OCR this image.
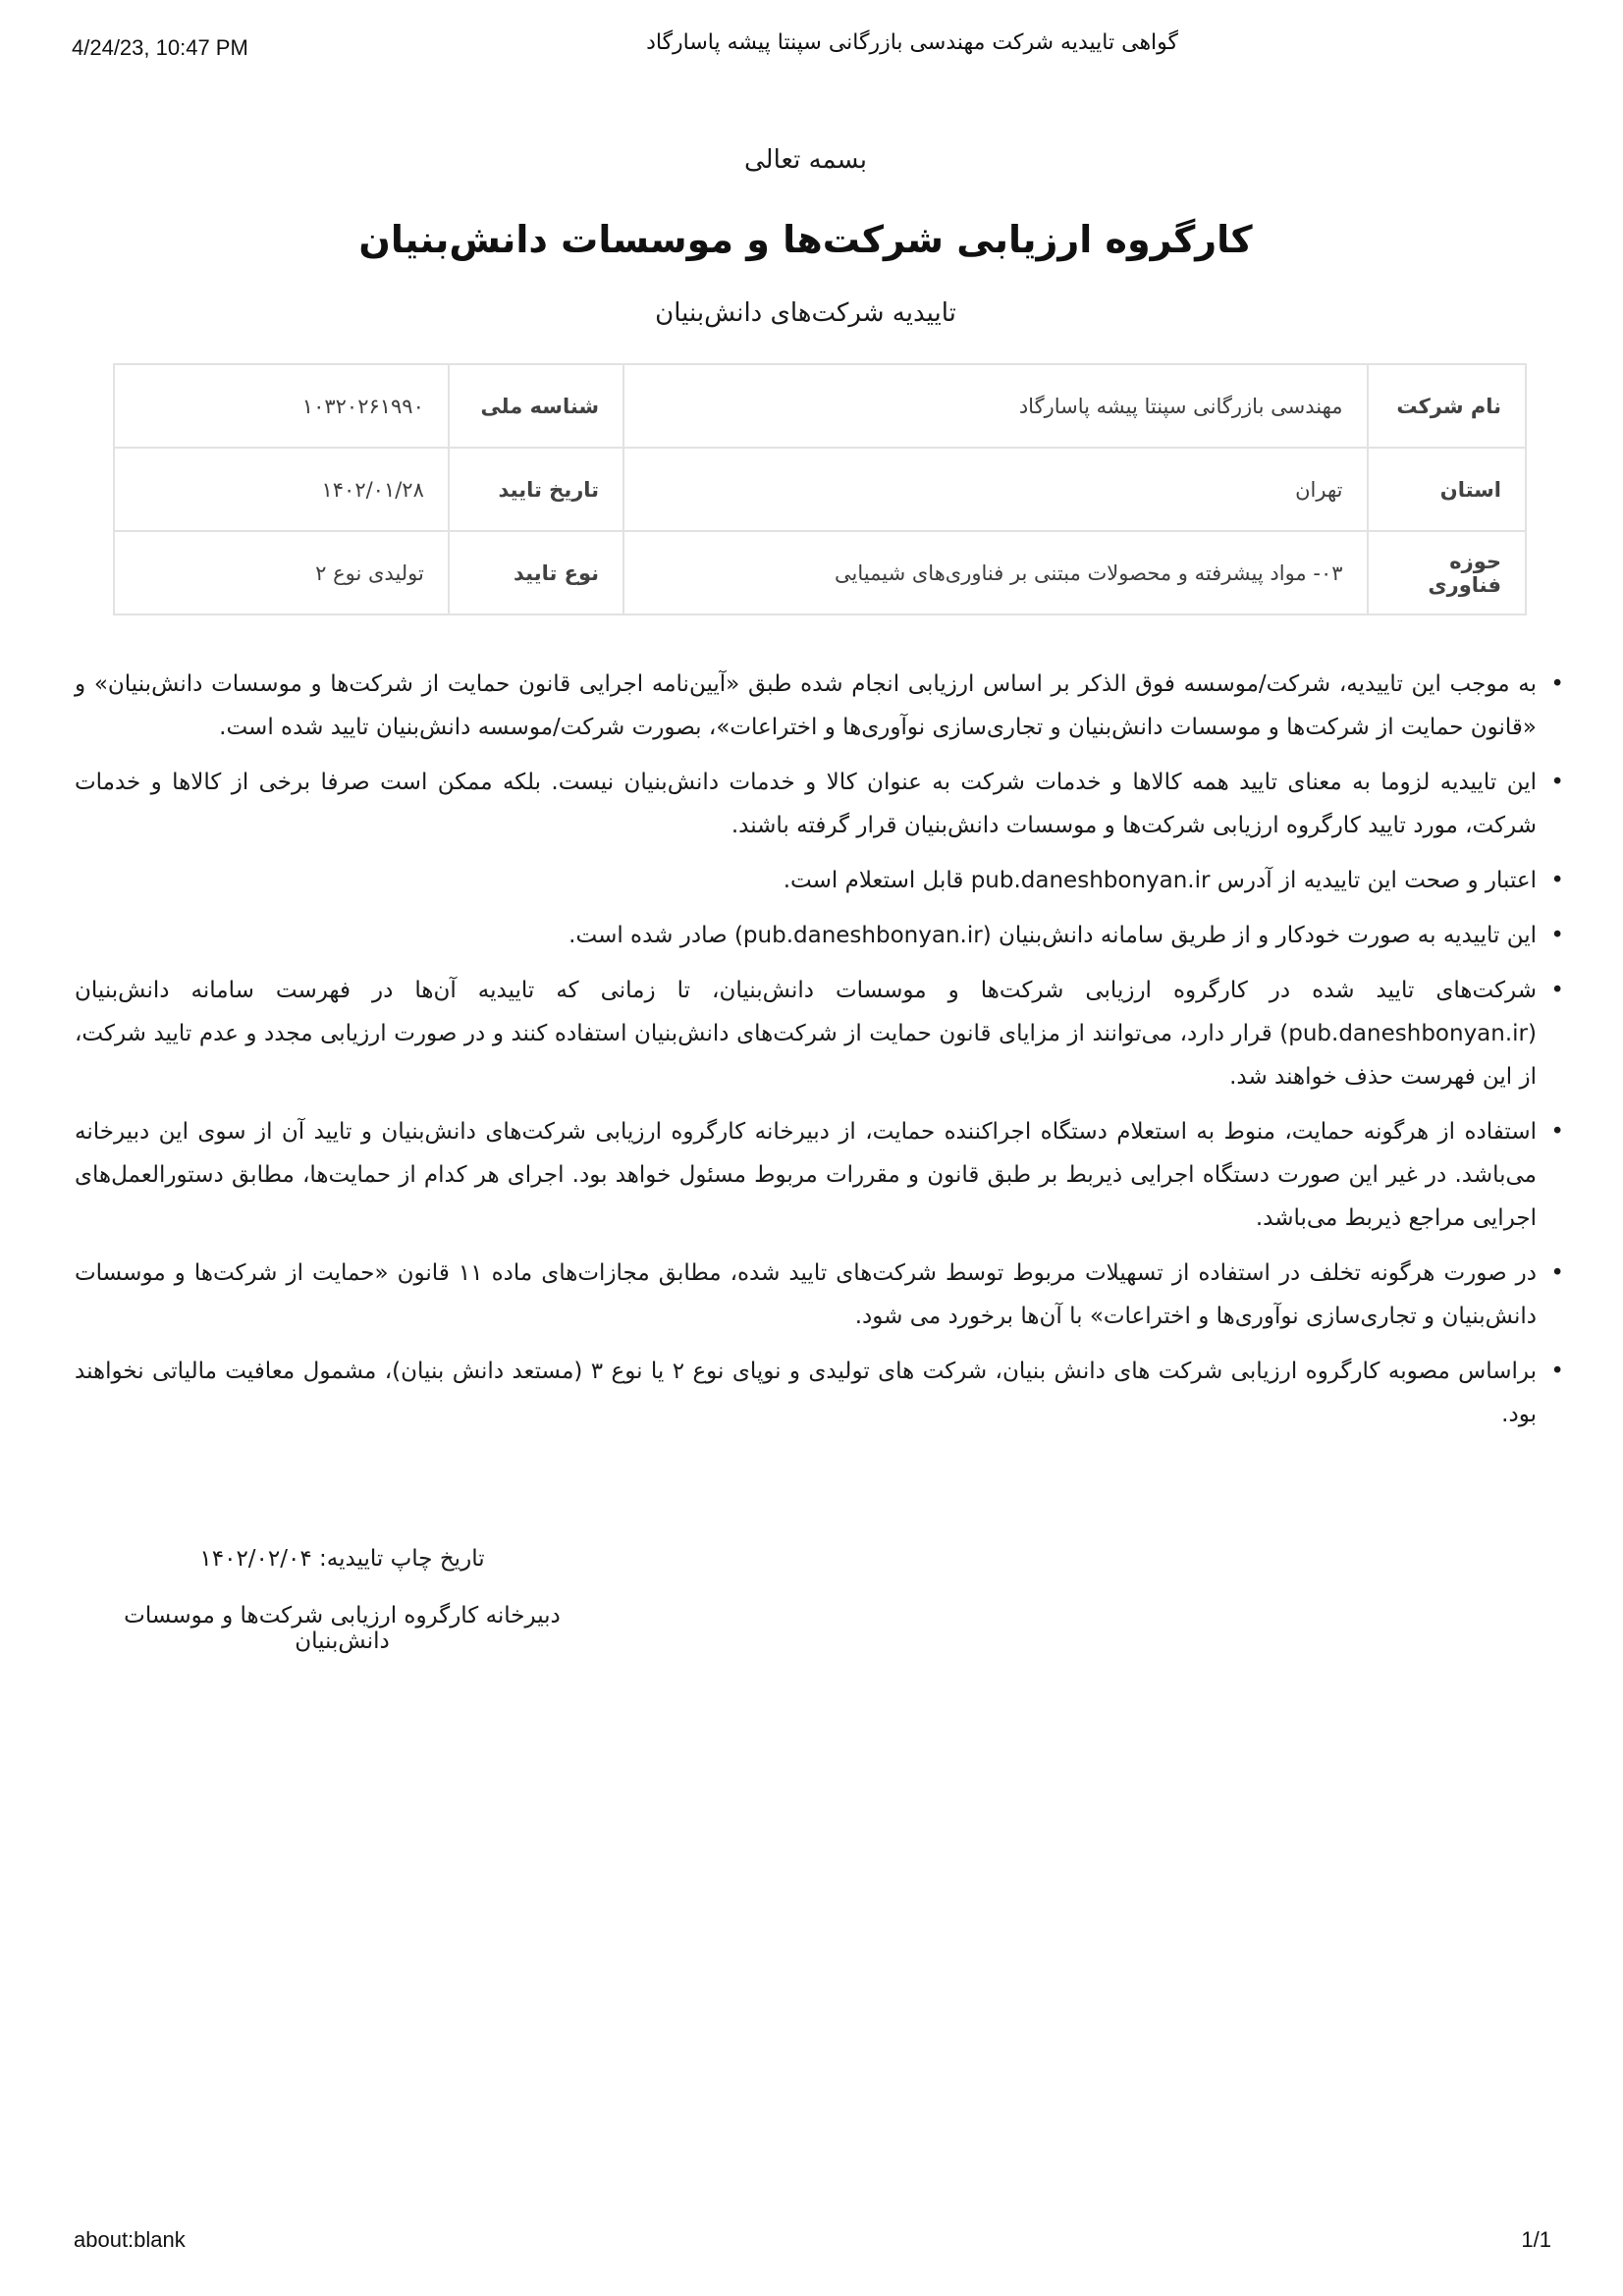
4/24/23, 10:47 PM	گواهی تاییدیه شرکت مهندسی بازرگانی سپنتا پیشه پاسارگاد
بسمه تعالی
کارگروه ارزیابی شرکت‌ها و موسسات دانش‌بنیان
تاییدیه شرکت‌های دانش‌بنیان
نام شرکت	مهندسی بازرگانی سپنتا پیشه پاسارگاد	شناسه ملی	۱۰۳۲۰۲۶۱۹۹۰
استان	تهران	تاریخ تایید	۱۴۰۲/۰۱/۲۸
حوزه فناوری	۰۳- مواد پیشرفته و محصولات مبتنی بر فناوری‌های شیمیایی	نوع تایید	تولیدی نوع ۲
• به موجب این تاییدیه، شرکت/موسسه فوق الذکر بر اساس ارزیابی انجام شده طبق «آیین‌نامه اجرایی قانون حمایت از شرکت‌ها و موسسات دانش‌بنیان» و «قانون حمایت از شرکت‌ها و موسسات دانش‌بنیان و تجاری‌سازی نوآوری‌ها و اختراعات»، بصورت شرکت/موسسه دانش‌بنیان تایید شده است.
• این تاییدیه لزوما به معنای تایید همه کالاها و خدمات شرکت به عنوان کالا و خدمات دانش‌بنیان نیست. بلکه ممکن است صرفا برخی از کالاها و خدمات شرکت، مورد تایید کارگروه ارزیابی شرکت‌ها و موسسات دانش‌بنیان قرار گرفته باشند.
• اعتبار و صحت این تاییدیه از آدرس pub.daneshbonyan.ir قابل استعلام است.
• این تاییدیه به صورت خودکار و از طریق سامانه دانش‌بنیان (pub.daneshbonyan.ir) صادر شده است.
• شرکت‌های تایید شده در کارگروه ارزیابی شرکت‌ها و موسسات دانش‌بنیان، تا زمانی که تاییدیه آن‌ها در فهرست سامانه دانش‌بنیان (pub.daneshbonyan.ir) قرار دارد، می‌توانند از مزایای قانون حمایت از شرکت‌های دانش‌بنیان استفاده کنند و در صورت ارزیابی مجدد و عدم تایید شرکت، از این فهرست حذف خواهند شد.
• استفاده از هرگونه حمایت، منوط به استعلام دستگاه اجراکننده حمایت، از دبیرخانه کارگروه ارزیابی شرکت‌های دانش‌بنیان و تایید آن از سوی این دبیرخانه می‌باشد. در غیر این صورت دستگاه اجرایی ذیربط بر طبق قانون و مقررات مربوط مسئول خواهد بود. اجرای هر کدام از حمایت‌ها، مطابق دستورالعمل‌های اجرایی مراجع ذیربط می‌باشد.
• در صورت هرگونه تخلف در استفاده از تسهیلات مربوط توسط شرکت‌های تایید شده، مطابق مجازات‌های ماده ۱۱ قانون «حمایت از شرکت‌ها و موسسات دانش‌بنیان و تجاری‌سازی نوآوری‌ها و اختراعات» با آن‌ها برخورد می شود.
• براساس مصوبه کارگروه ارزیابی شرکت های دانش بنیان، شرکت های تولیدی و نوپای نوع ۲ یا نوع ۳ (مستعد دانش بنیان)، مشمول معافیت مالیاتی نخواهند بود.
تاریخ چاپ تاییدیه: ۱۴۰۲/۰۲/۰۴
دبیرخانه کارگروه ارزیابی شرکت‌ها و موسسات دانش‌بنیان
about:blank	1/1
